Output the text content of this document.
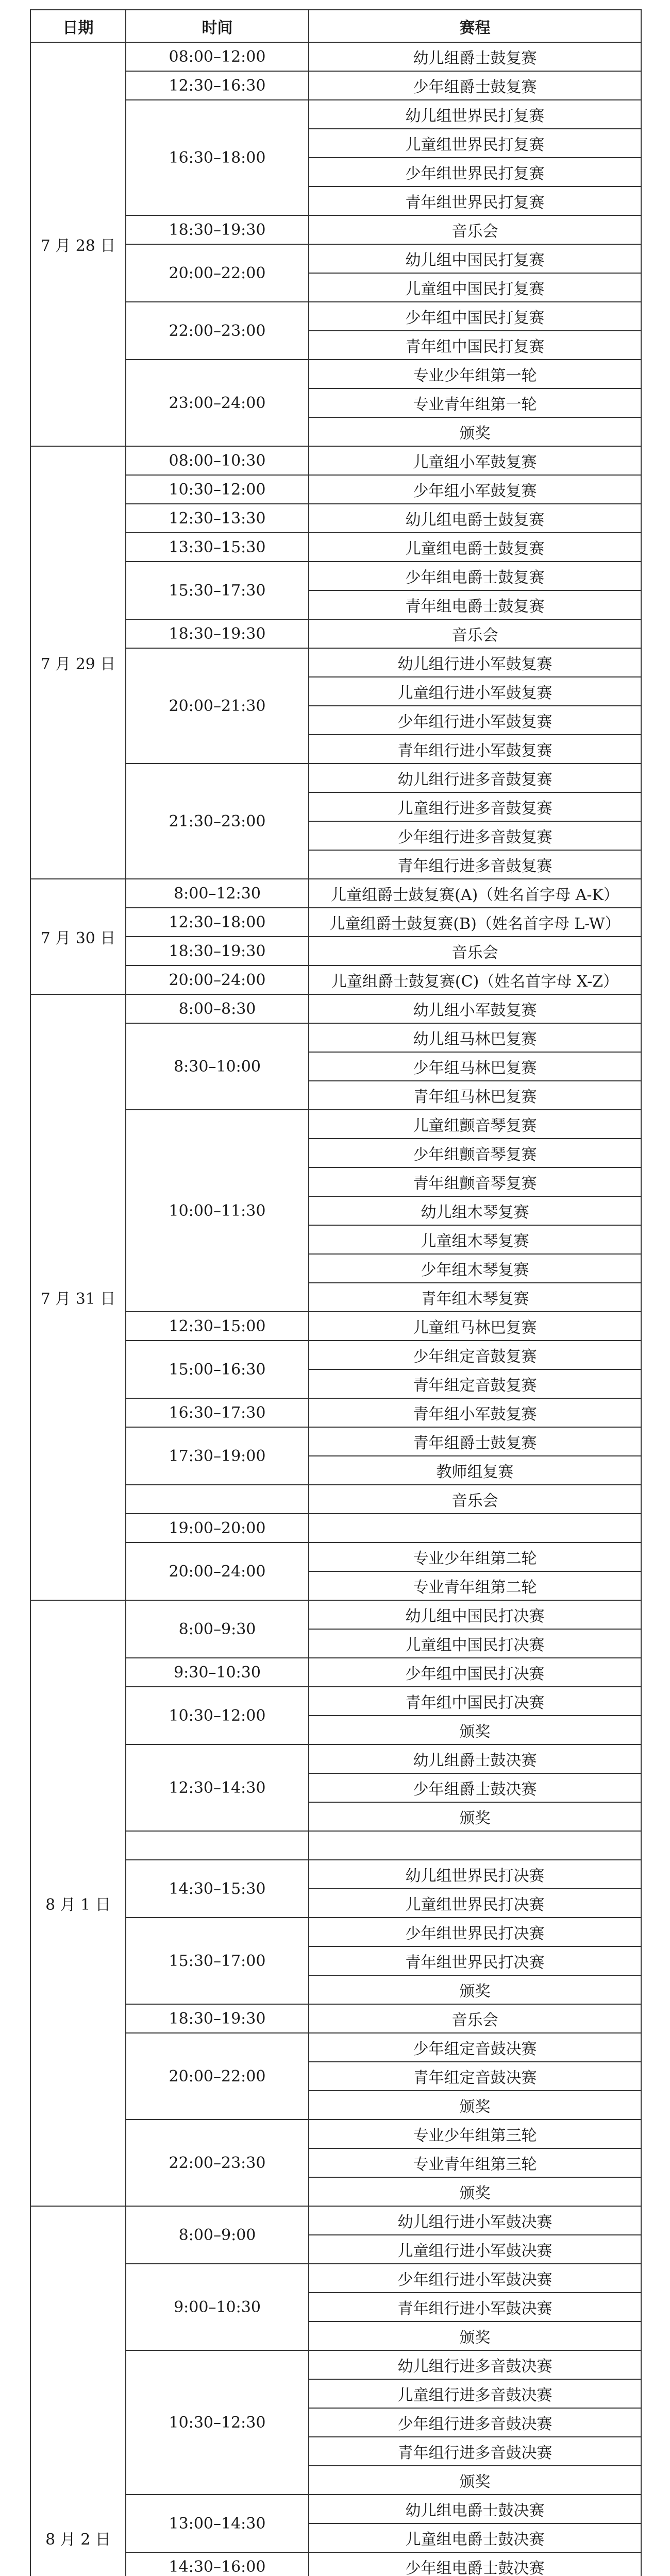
日期	时间	赛程
7 月 28 日	08:00–12:00	幼儿组爵士鼓复赛
	12:30–16:30	少年组爵士鼓复赛
	16:30–18:00	幼儿组世界民打复赛
		儿童组世界民打复赛
		少年组世界民打复赛
		青年组世界民打复赛
	18:30–19:30	音乐会
	20:00–22:00	幼儿组中国民打复赛
		儿童组中国民打复赛
	22:00–23:00	少年组中国民打复赛
		青年组中国民打复赛
	23:00–24:00	专业少年组第一轮
		专业青年组第一轮
		颁奖
7 月 29 日	08:00–10:30	儿童组小军鼓复赛
	10:30–12:00	少年组小军鼓复赛
	12:30–13:30	幼儿组电爵士鼓复赛
	13:30–15:30	儿童组电爵士鼓复赛
	15:30–17:30	少年组电爵士鼓复赛
		青年组电爵士鼓复赛
	18:30–19:30	音乐会
	20:00–21:30	幼儿组行进小军鼓复赛
		儿童组行进小军鼓复赛
		少年组行进小军鼓复赛
		青年组行进小军鼓复赛
	21:30–23:00	幼儿组行进多音鼓复赛
		儿童组行进多音鼓复赛
		少年组行进多音鼓复赛
		青年组行进多音鼓复赛
7 月 30 日	8:00–12:30	儿童组爵士鼓复赛(A)（姓名首字母 A-K）
	12:30–18:00	儿童组爵士鼓复赛(B)（姓名首字母 L-W）
	18:30–19:30	音乐会
	20:00–24:00	儿童组爵士鼓复赛(C)（姓名首字母 X-Z）
7 月 31 日	8:00–8:30	幼儿组小军鼓复赛
	8:30–10:00	幼儿组马林巴复赛
		少年组马林巴复赛
		青年组马林巴复赛
	10:00–11:30	儿童组颤音琴复赛
		少年组颤音琴复赛
		青年组颤音琴复赛
		幼儿组木琴复赛
		儿童组木琴复赛
		少年组木琴复赛
		青年组木琴复赛
	12:30–15:00	儿童组马林巴复赛
	15:00–16:30	少年组定音鼓复赛
		青年组定音鼓复赛
	16:30–17:30	青年组小军鼓复赛
	17:30–19:00	青年组爵士鼓复赛
		教师组复赛
		音乐会
	19:00–20:00	
	20:00–24:00	专业少年组第二轮
		专业青年组第二轮
8 月 1 日	8:00–9:30	幼儿组中国民打决赛
		儿童组中国民打决赛
	9:30–10:30	少年组中国民打决赛
	10:30–12:00	青年组中国民打决赛
		颁奖
	12:30–14:30	幼儿组爵士鼓决赛
		少年组爵士鼓决赛
		颁奖

	14:30–15:30	幼儿组世界民打决赛
		儿童组世界民打决赛
	15:30–17:00	少年组世界民打决赛
		青年组世界民打决赛
		颁奖
	18:30–19:30	音乐会
	20:00–22:00	少年组定音鼓决赛
		青年组定音鼓决赛
		颁奖
	22:00–23:30	专业少年组第三轮
		专业青年组第三轮
		颁奖
8 月 2 日	8:00–9:00	幼儿组行进小军鼓决赛
		儿童组行进小军鼓决赛
	9:00–10:30	少年组行进小军鼓决赛
		青年组行进小军鼓决赛
		颁奖
	10:30–12:30	幼儿组行进多音鼓决赛
		儿童组行进多音鼓决赛
		少年组行进多音鼓决赛
		青年组行进多音鼓决赛
		颁奖
	13:00–14:30	幼儿组电爵士鼓决赛
		儿童组电爵士鼓决赛
	14:30–16:00	少年组电爵士鼓决赛
